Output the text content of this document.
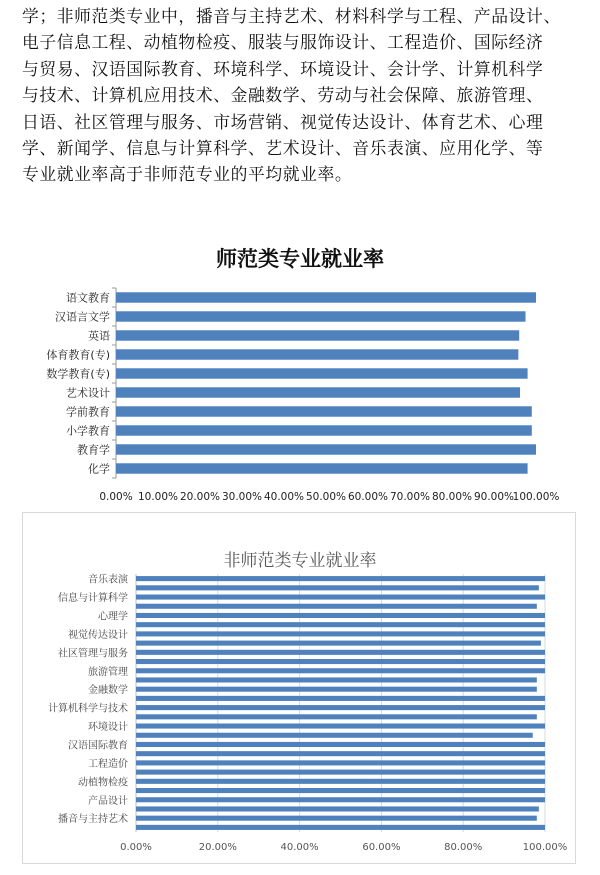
学；非师范类专业中，播音与主持艺术、材料科学与工程、产品设计、
电子信息工程、动植物检疫、服装与服饰设计、工程造价、国际经济
与贸易、汉语国际教育、环境科学、环境设计、会计学、计算机科学
与技术、计算机应用技术、金融数学、劳动与社会保障、旅游管理、
日语、社区管理与服务、市场营销、视觉传达设计、体育艺术、心理
学、新闻学、信息与计算科学、艺术设计、音乐表演、应用化学、等
专业就业率高于非师范专业的平均就业率。
师范类专业就业率
语文教育
汉语言文学
英语
体育教育(专)
数学教育(专)
艺术设计
学前教育
小学教育
教育学
化学
0.00% 10.00% 20.00% 30.00% 40.00% 50.00% 60.00% 70.00% 80.00% 90.00%
100.00%
非师范类专业就业率
0.00%	20.00%	40.00%	60.00%	80.00%	100.00%
音乐表演
信息与计算科学
心理学
视觉传达设计
社区管理与服务
旅游管理
金融数学
计算机科学与技术
环境设计
汉语国际教育
工程造价
动植物检疫
产品设计
播音与主持艺术
